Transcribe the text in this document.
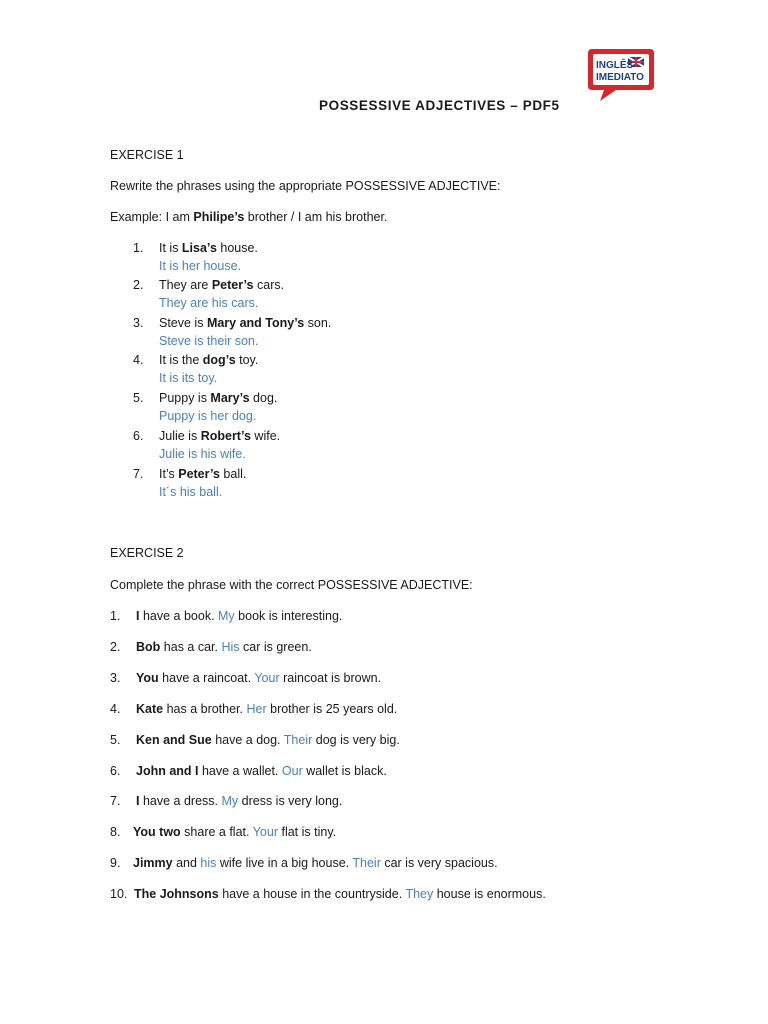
INGLÊS
IMEDIATO
POSSESSIVE ADJECTIVES – PDF5
EXERCISE 1
Rewrite the phrases using the appropriate POSSESSIVE ADJECTIVE:
Example: I am Philipe’s brother / I am his brother.
1. It is Lisa’s house.
It is her house.
2. They are Peter’s cars.
They are his cars.
3. Steve is Mary and Tony’s son.
Steve is their son.
4. It is the dog’s toy.
It is its toy.
5. Puppy is Mary’s dog.
Puppy is her dog.
6. Julie is Robert’s wife.
Julie is his wife.
7. It’s Peter’s ball.
It´s his ball.
EXERCISE 2
Complete the phrase with the correct POSSESSIVE ADJECTIVE:
1. I have a book. My book is interesting.
2. Bob has a car. His car is green.
3. You have a raincoat. Your raincoat is brown.
4. Kate has a brother. Her brother is 25 years old.
5. Ken and Sue have a dog. Their dog is very big.
6. John and I have a wallet. Our wallet is black.
7. I have a dress. My dress is very long.
8. You two share a flat. Your flat is tiny.
9. Jimmy and his wife live in a big house. Their car is very spacious.
10. The Johnsons have a house in the countryside. They house is enormous.
